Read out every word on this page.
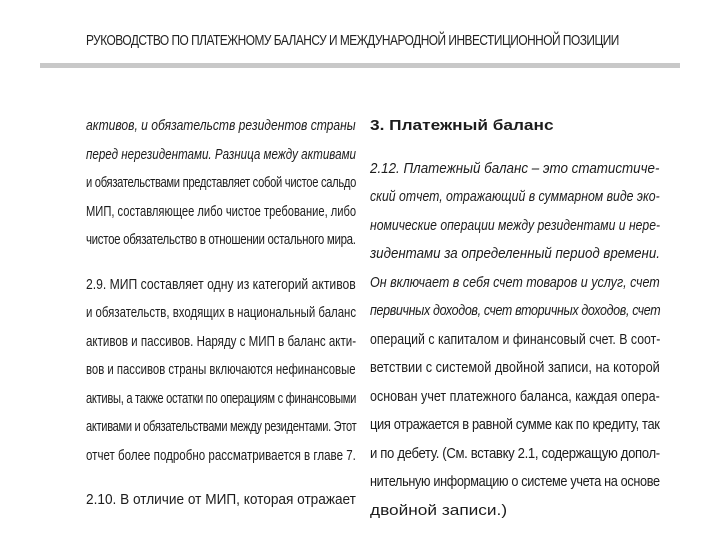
РУКОВОДСТВО ПО ПЛАТЕЖНОМУ БАЛАНСУ И МЕЖДУНАРОДНОЙ ИНВЕСТИЦИОННОЙ ПОЗИЦИИ
активов, и обязательств резидентов страны
перед нерезидентами. Разница между активами
и обязательствами представляет собой чистое сальдо
МИП, составляющее либо чистое требование, либо
чистое обязательство в отношении остального мира.
2.9. МИП составляет одну из категорий активов
и обязательств, входящих в национальный баланс
активов и пассивов. Наряду с МИП в баланс акти-
вов и пассивов страны включаются нефинансовые
активы, а также остатки по операциям с финансовыми
активами и обязательствами между резидентами. Этот
отчет более подробно рассматривается в главе 7.
2.10. В отличие от МИП, которая отражает
3. Платежный баланс
2.12. Платежный баланс – это статистиче-
ский отчет, отражающий в суммарном виде эко-
номические операции между резидентами и нере-
зидентами за определенный период времени.
Он включает в себя счет товаров и услуг, счет
первичных доходов, счет вторичных доходов, счет
операций с капиталом и финансовый счет. В соот-
ветствии с системой двойной записи, на которой
основан учет платежного баланса, каждая опера-
ция отражается в равной сумме как по кредиту, так
и по дебету. (См. вставку 2.1, содержащую допол-
нительную информацию о системе учета на основе
двойной записи.)
